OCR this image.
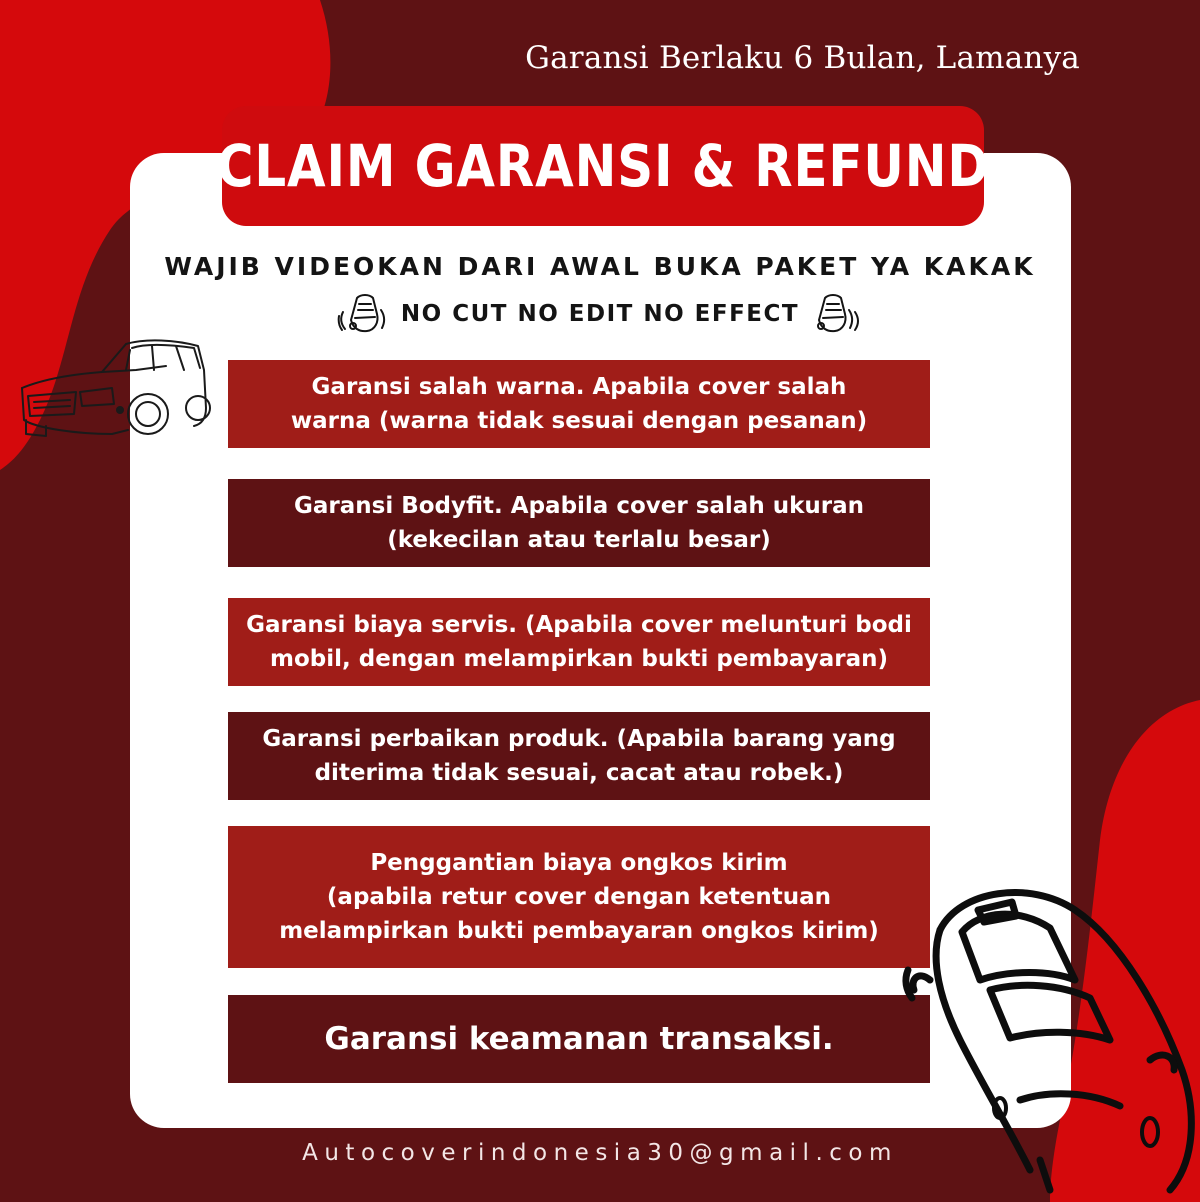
Garansi Berlaku 6 Bulan, Lamanya
CLAIM GARANSI & REFUND
WAJIB VIDEOKAN DARI AWAL BUKA PAKET YA KAKAK
NO CUT NO EDIT NO EFFECT
Garansi salah warna. Apabila cover salah
warna (warna tidak sesuai dengan pesanan)
Garansi Bodyfit. Apabila cover salah ukuran
(kekecilan atau terlalu besar)
Garansi biaya servis. (Apabila cover melunturi bodi
mobil, dengan melampirkan bukti pembayaran)
Garansi perbaikan produk. (Apabila barang yang
diterima tidak sesuai, cacat atau robek.)
Penggantian biaya ongkos kirim
(apabila retur cover dengan ketentuan
melampirkan bukti pembayaran ongkos kirim)
Garansi keamanan transaksi.
Autocoverindonesia30@gmail.com
